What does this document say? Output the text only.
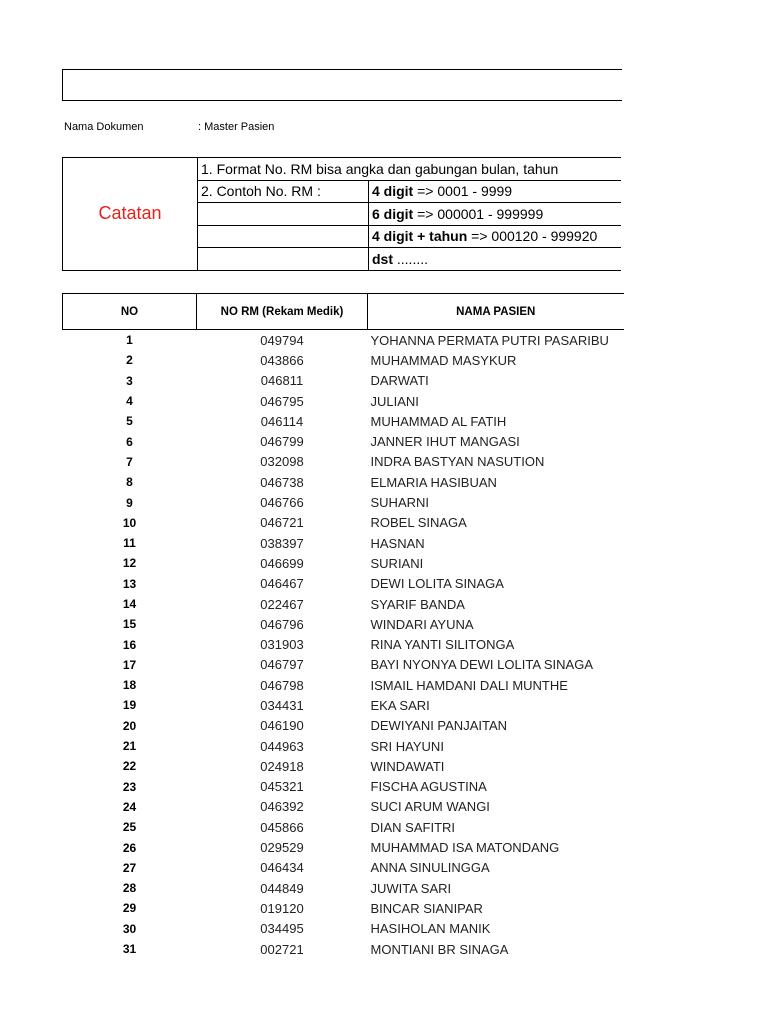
Nama Dokumen	: Master Pasien
Catatan	1. Format No. RM bisa angka dan gabungan bulan, tahun	
	2. Contoh No. RM :	4 digit => 0001 - 9999
		6 digit => 000001 - 999999
		4 digit + tahun => 000120 - 999920
		dst ........
NO	NO RM (Rekam Medik)	NAMA PASIEN
1	049794	YOHANNA PERMATA PUTRI PASARIBU
2	043866	MUHAMMAD MASYKUR
3	046811	DARWATI
4	046795	JULIANI
5	046114	MUHAMMAD AL FATIH
6	046799	JANNER IHUT MANGASI
7	032098	INDRA BASTYAN NASUTION
8	046738	ELMARIA HASIBUAN
9	046766	SUHARNI
10	046721	ROBEL SINAGA
11	038397	HASNAN
12	046699	SURIANI
13	046467	DEWI LOLITA SINAGA
14	022467	SYARIF BANDA
15	046796	WINDARI AYUNA
16	031903	RINA YANTI SILITONGA
17	046797	BAYI NYONYA DEWI LOLITA SINAGA
18	046798	ISMAIL HAMDANI DALI MUNTHE
19	034431	EKA SARI
20	046190	DEWIYANI PANJAITAN
21	044963	SRI HAYUNI
22	024918	WINDAWATI
23	045321	FISCHA AGUSTINA
24	046392	SUCI ARUM WANGI
25	045866	DIAN SAFITRI
26	029529	MUHAMMAD ISA MATONDANG
27	046434	ANNA SINULINGGA
28	044849	JUWITA SARI
29	019120	BINCAR SIANIPAR
30	034495	HASIHOLAN MANIK
31	002721	MONTIANI BR SINAGA
